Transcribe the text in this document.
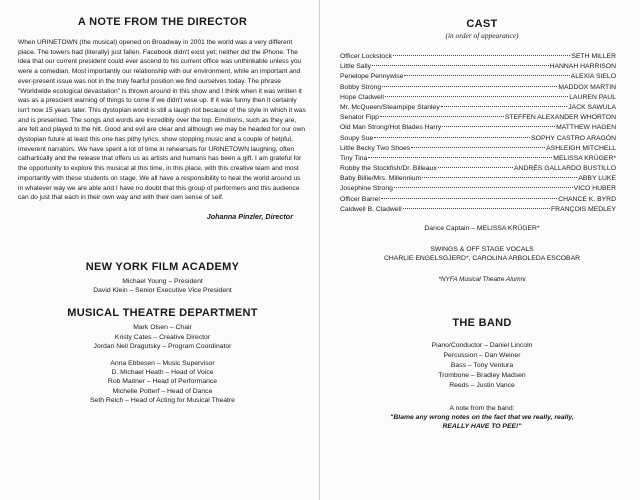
A NOTE FROM THE DIRECTOR

When URINETOWN (the musical) opened on Broadway in 2001 the world was a very different place. The towers had (literally) just fallen. Facebook didn't exist yet; neither did the iPhone. The idea that our current president could ever ascend to his current office was unthinkable unless you were a comedian. Most importantly our relationship with our environment, while an important and ever-present issue was not in the truly fearful position we find ourselves today. The phrase "Worldwide ecological devastation" is thrown around in this show and I think when it was written it was as a prescient warning of things to come if we didn't wise up. If it was funny then it certainly isn't now 15 years later. This dystopian world is still a laugh riot because of the style in which it was and is presented. The songs and words are incredibly over the top. Emotions, such as they are, are felt and played to the hilt. Good and evil are clear and although we may be headed for our own dystopian future at least this one has pithy lyrics, show stopping music and a couple of helpful, irreverent narrators. We have spent a lot of time in rehearsals for URINETOWN laughing, often cathartically and the release that offers us as artists and humans has been a gift. I am grateful for the opportunity to explore this musical at this time, in this place, with this creative team and most importantly with these students on stage. We all have a responsibility to heal the world around us in whatever way we are able and I have no doubt that this group of performers and this audience can do just that each in their own way and with their own sense of self.

Johanna Pinzler, Director
NEW YORK FILM ACADEMY
Michael Young – President
David Klein – Senior Executive Vice President
MUSICAL THEATRE DEPARTMENT
Mark Olsen – Chair
Kristy Cates – Creative Director
Jordan Neil Dragutsky – Program Coordinator
Anna Ebbesen – Music Supervisor
D. Michael Heath – Head of Voice
Rob Maitner – Head of Performance
Michelle Potterf – Head of Dance
Seth Reich – Head of Acting for Musical Theatre
CAST
(in order of appearance)
Officer Lockstock	SETH MILLER
Little Sally	HANNAH HARRISON
Penelope Pennywise	ALEXIA SIELO
Bobby Strong	MADDOX MARTIN
Hope Cladwell	LAUREN PAUL
Mr. McQueen/Steampipe Stanley	JACK SAWULA
Senator Fipp	STEFFEN ALEXANDER WHORTON
Old Man Strong/Hot Blades Harry	MATTHEW HAGEN
Soupy Sue	SOPHY CASTRO ARAGÓN
Little Becky Two Shoes	ASHLEIGH MITCHELL
Tiny Tina	MELISSA KRÜGER*
Robby the Stockfish/Dr. Billeaux	ANDRÉS GALLARDO BUSTILLO
Baby Billie/Mrs. Millennium	ABBY LUKE
Josephine Strong	VICO HUBER
Officer Barrel	CHANCE K. BYRD
Caldwell B. Cladwell	FRANÇOIS MEDLEY
Dance Captain – MELISSA KRÜGER*
SWINGS & OFF STAGE VOCALS
CHARLIE ENGELSGJERD*, CAROLINA ARBOLEDA ESCOBAR
*NYFA Musical Theatre Alumni
THE BAND
Piano/Conductor – Daniel Lincoln
Percussion – Dan Weiner
Bass – Tony Ventura
Trombone – Bradley Madsen
Reeds – Justin Vance
A note from the band:
"Blame any wrong notes on the fact that we really, really,
REALLY HAVE TO PEE!"
